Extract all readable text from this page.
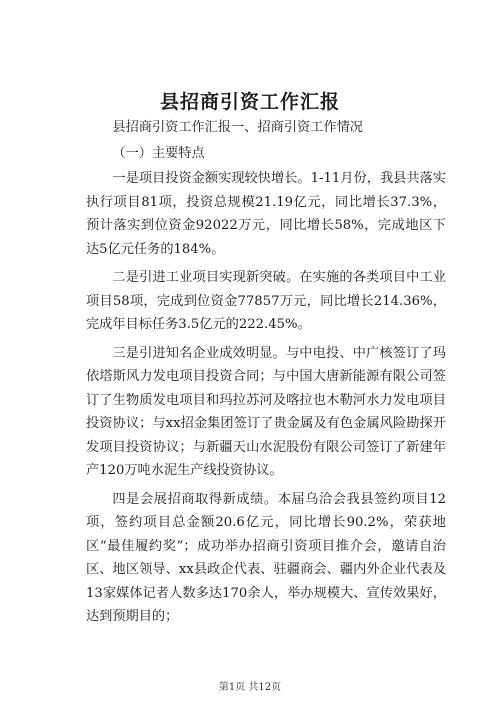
县招商引资工作汇报

县招商引资工作汇报一、招商引资工作情况

（一）主要特点

一是项目投资金额实现较快增长。1-11月份，我县共落实执行项目81项，投资总规模21.19亿元，同比增长37.3%，预计落实到位资金92022万元，同比增长58%，完成地区下达5亿元任务的184%。

二是引进工业项目实现新突破。在实施的各类项目中工业项目58项，完成到位资金77857万元，同比增长214.36%，完成年目标任务3.5亿元的222.45%。

三是引进知名企业成效明显。与中电投、中广核签订了玛依塔斯风力发电项目投资合同；与中国大唐新能源有限公司签订了生物质发电项目和玛拉苏河及喀拉也木勒河水力发电项目投资协议；与xx招金集团签订了贵金属及有色金属风险勘探开发项目投资协议；与新疆天山水泥股份有限公司签订了新建年产120万吨水泥生产线投资协议。

四是会展招商取得新成绩。本届乌洽会我县签约项目12项，签约项目总金额20.6亿元，同比增长90.2%，荣获地区“最佳履约奖”；成功举办招商引资项目推介会，邀请自治区、地区领导、xx县政企代表、驻疆商会、疆内外企业代表及13家媒体记者人数多达170余人，举办规模大、宣传效果好，达到预期目的；

第1页 共12页
